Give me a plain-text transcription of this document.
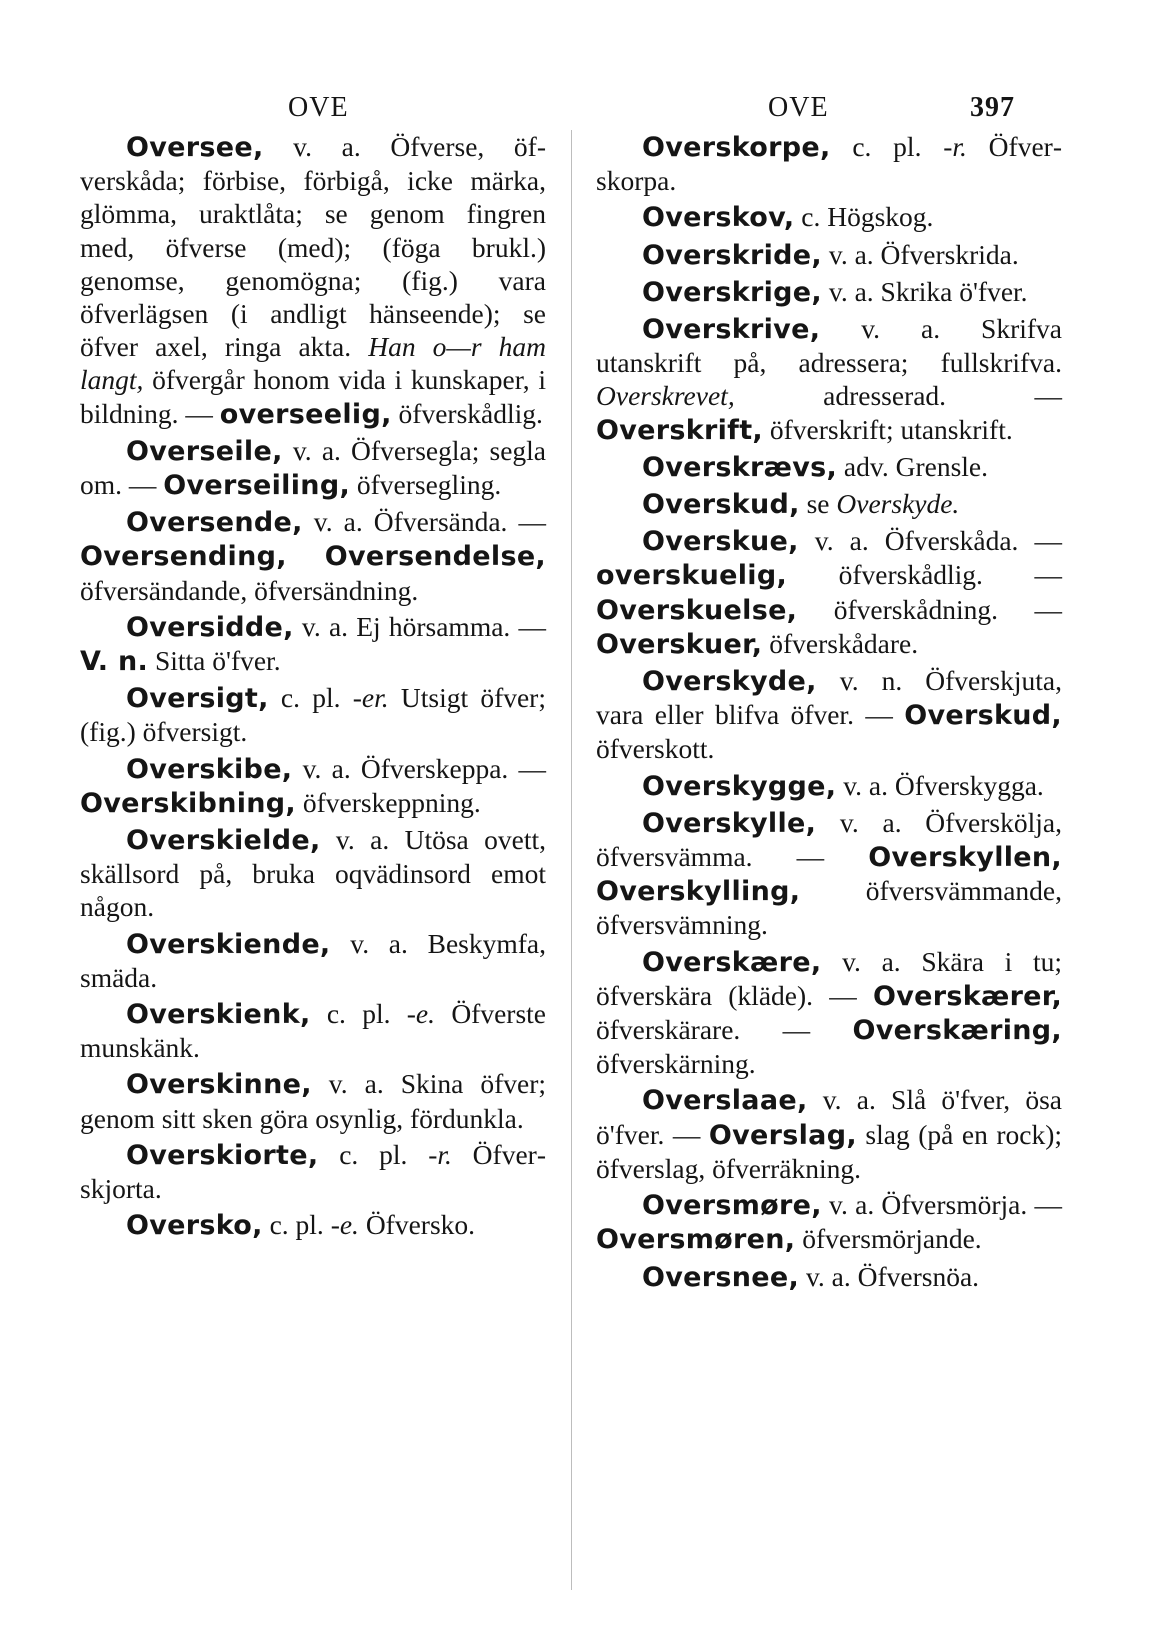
OVE	OVE	397

Oversee, v. a. Öfverse, öfverskåda; förbise, förbigå, icke märka, glömma, uraktlåta; se genom fingren med, öfverse (med); (föga brukl.) genomse, genomögna; (fig.) vara öfverlägsen (i andligt hänseende); se öfver axel, ringa akta. Han o—r ham langt, öfvergår honom vida i kunskaper, i bildning. — overseelig, öfverskådlig.

Overseile, v. a. Öfversegla; segla om. — Overseiling, öfversegling.

Oversende, v. a. Öfversända. — Oversending, Oversendelse, öfversändande, öfversändning.

Oversidde, v. a. Ej hörsamma. — V. n. Sitta ö'fver.

Oversigt, c. pl. -er. Utsigt öfver; (fig.) öfversigt.

Overskibe, v. a. Öfverskeppa. — Overskibning, öfverskeppning.

Overskielde, v. a. Utösa ovett, skällsord på, bruka oqvädinsord emot någon.

Overskiende, v. a. Beskymfa, smäda.

Overskienk, c. pl. -e. Öfverste munskänk.

Overskinne, v. a. Skina öfver; genom sitt sken göra osynlig, fördunkla.

Overskiorte, c. pl. -r. Öfverskjorta.

Oversko, c. pl. -e. Öfversko.

Overskorpe, c. pl. -r. Öfverskorpa.

Overskov, c. Högskog.

Overskride, v. a. Öfverskrida.

Overskrige, v. a. Skrika ö'fver.

Overskrive, v. a. Skrifva utanskrift på, adressera; fullskrifva. Overskrevet, adresserad. — Overskrift, öfverskrift; utanskrift.

Overskrævs, adv. Grensle.

Overskud, se Overskyde.

Overskue, v. a. Öfverskåda. — overskuelig, öfverskådlig. — Overskuelse, öfverskådning. — Overskuer, öfverskådare.

Overskyde, v. n. Öfverskjuta, vara eller blifva öfver. — Overskud, öfverskott.

Overskygge, v. a. Öfverskygga.

Overskylle, v. a. Öfverskölja, öfversvämma. — Overskyllen, Overskylling, öfversvämmande, öfversvämning.

Overskære, v. a. Skära i tu; öfverskära (kläde). — Overskærer, öfverskärare. — Overskæring, öfverskärning.

Overslaae, v. a. Slå ö'fver, ösa ö'fver. — Overslag, slag (på en rock); öfverslag, öfverräkning.

Oversmøre, v. a. Öfversmörja. — Oversmøren, öfversmörjande.

Oversnee, v. a. Öfversnöa.
